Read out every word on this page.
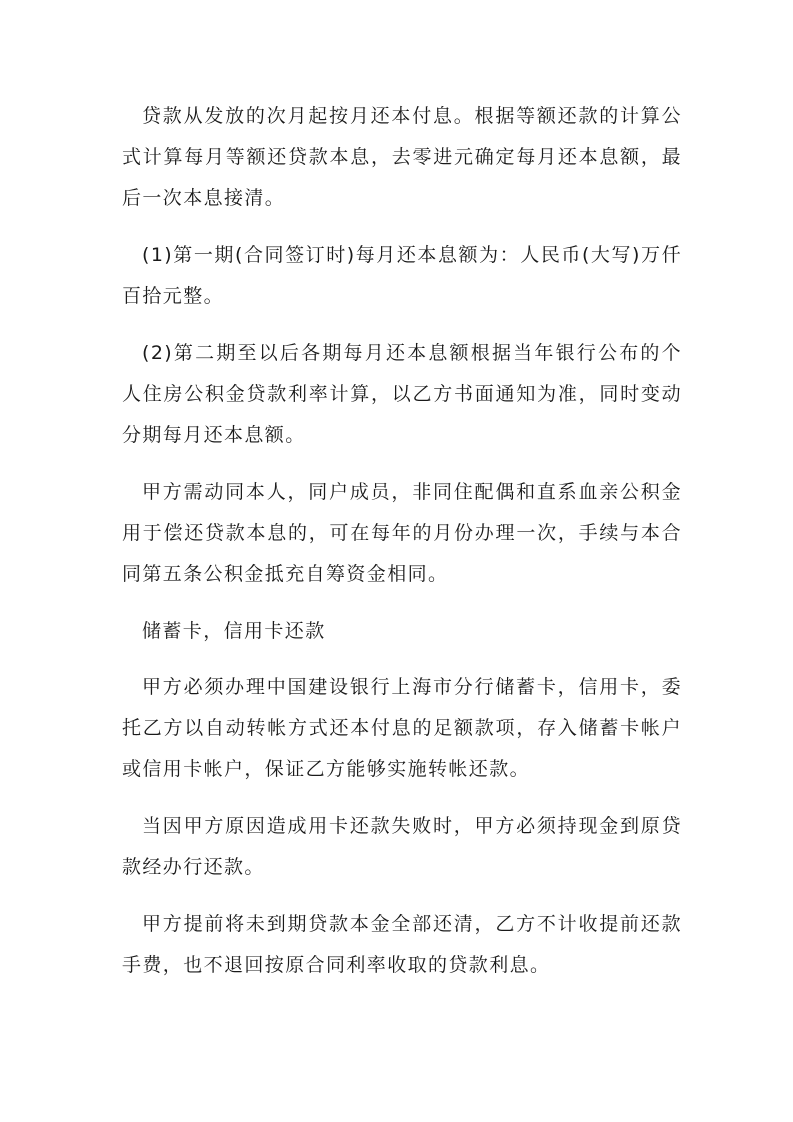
贷款从发放的次月起按月还本付息。根据等额还款的计算公式计算每月等额还贷款本息，去零进元确定每月还本息额，最后一次本息接清。

(1)第一期(合同签订时)每月还本息额为：人民币(大写)万仟百拾元整。

(2)第二期至以后各期每月还本息额根据当年银行公布的个人住房公积金贷款利率计算，以乙方书面通知为准，同时变动分期每月还本息额。

甲方需动同本人，同户成员，非同住配偶和直系血亲公积金用于偿还贷款本息的，可在每年的月份办理一次，手续与本合同第五条公积金抵充自筹资金相同。

储蓄卡，信用卡还款

甲方必须办理中国建设银行上海市分行储蓄卡，信用卡，委托乙方以自动转帐方式还本付息的足额款项，存入储蓄卡帐户或信用卡帐户，保证乙方能够实施转帐还款。

当因甲方原因造成用卡还款失败时，甲方必须持现金到原贷款经办行还款。

甲方提前将未到期贷款本金全部还清，乙方不计收提前还款手费，也不退回按原合同利率收取的贷款利息。
